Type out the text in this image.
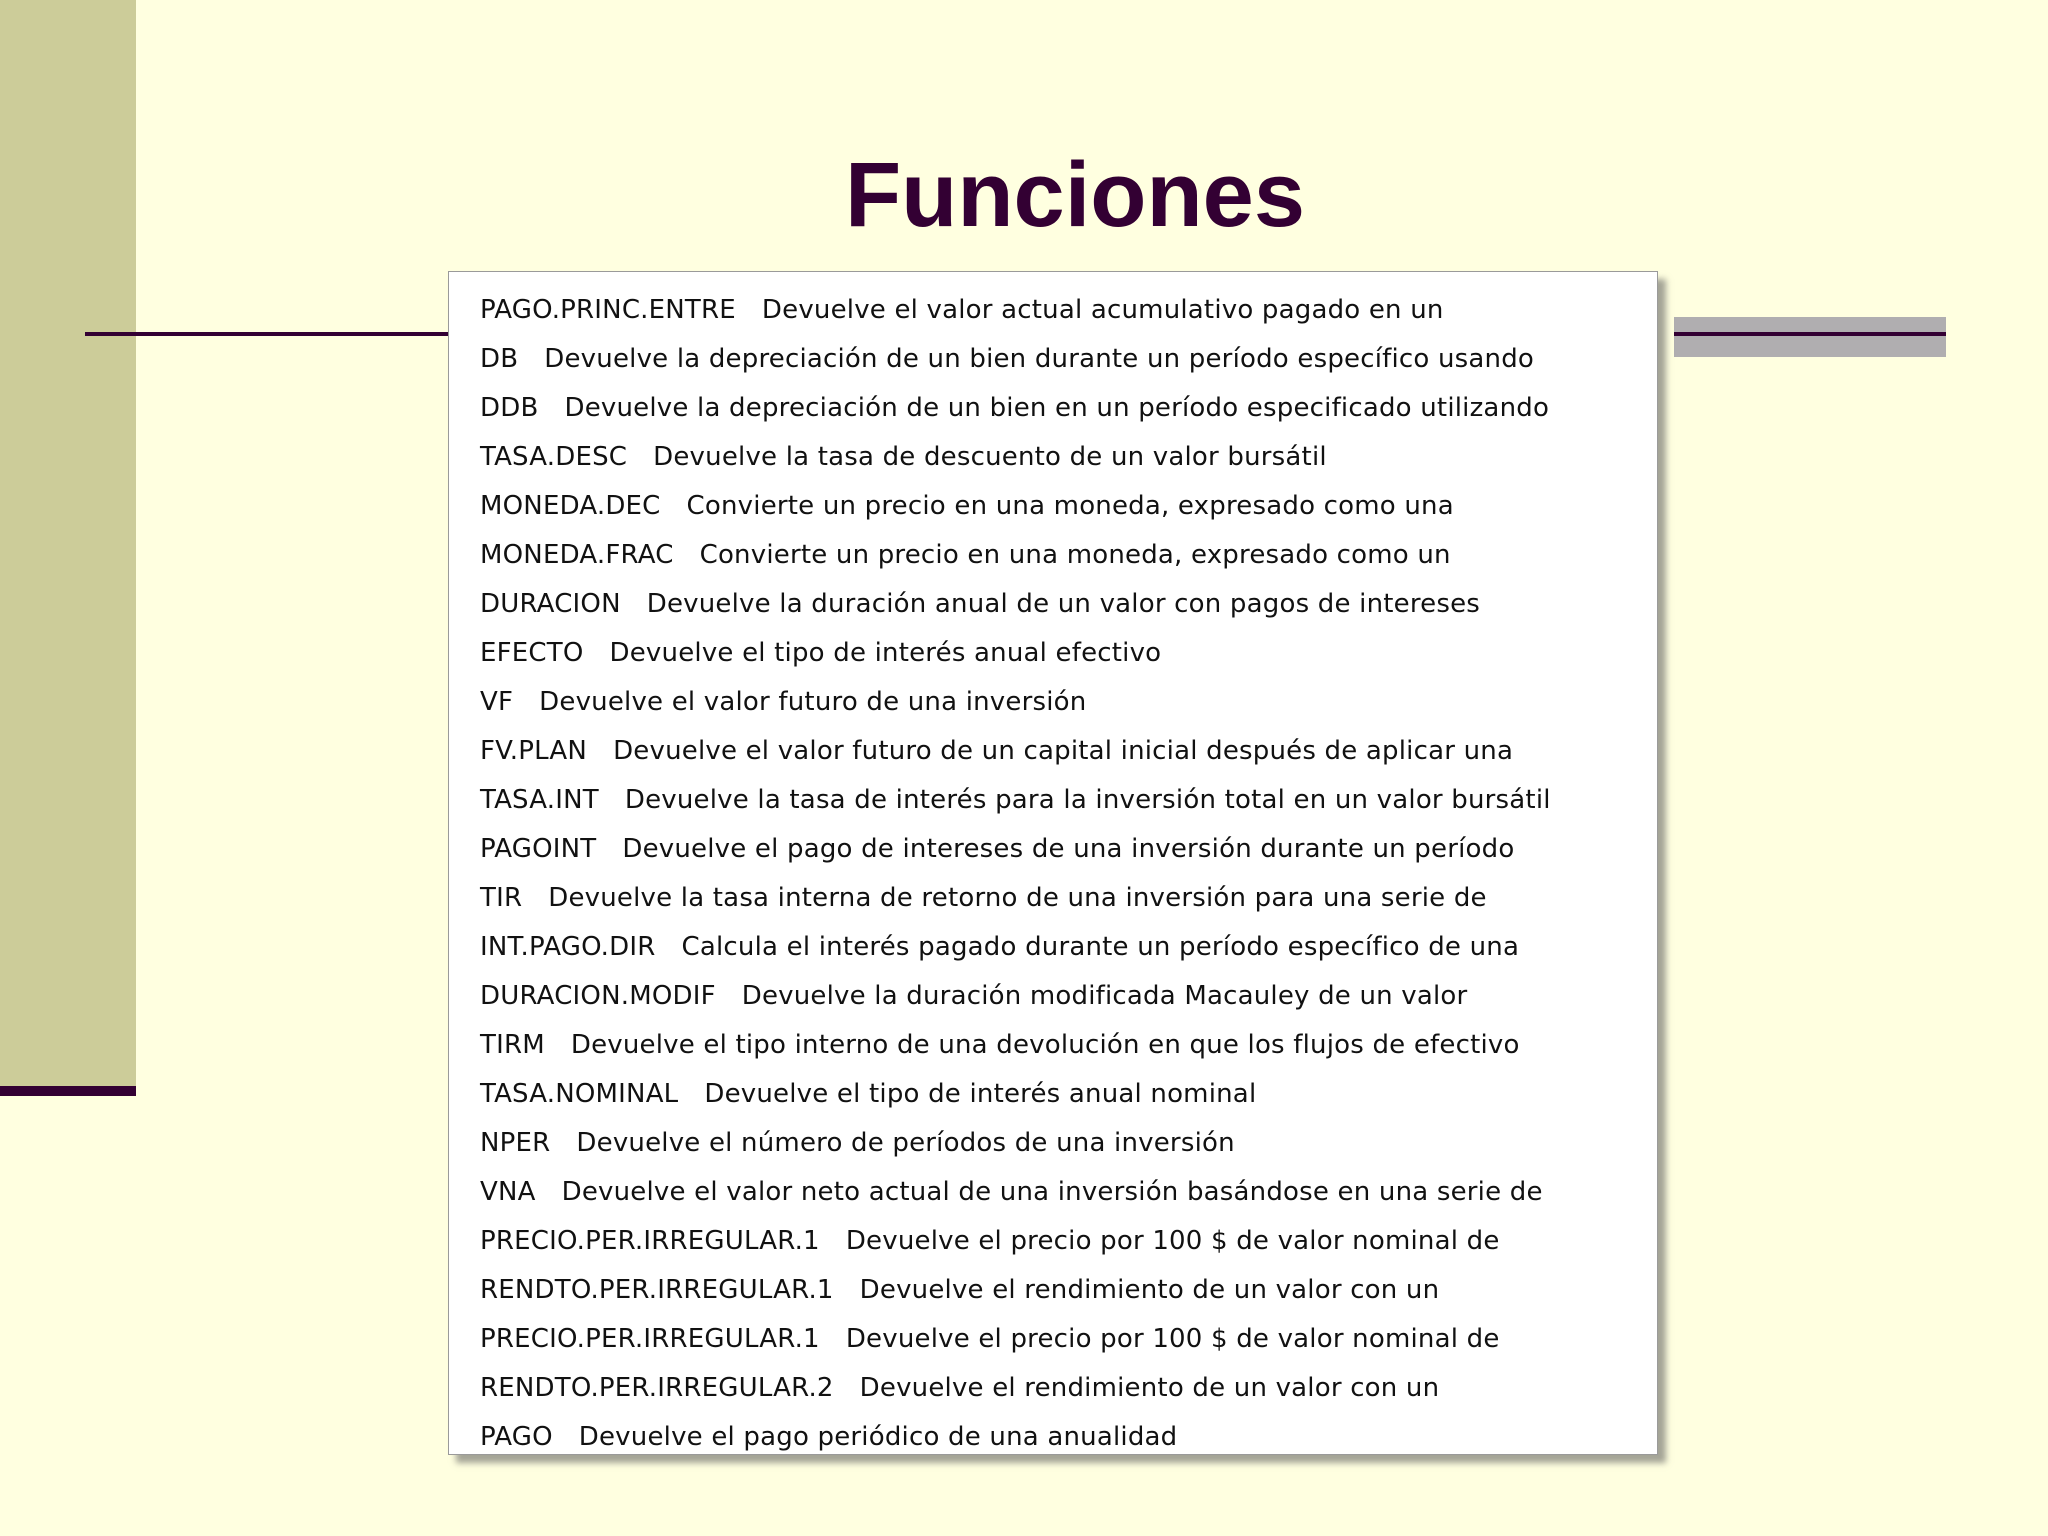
Funciones
PAGO.PRINC.ENTRE Devuelve el valor actual acumulativo pagado en un
DB Devuelve la depreciación de un bien durante un período específico usando
DDB Devuelve la depreciación de un bien en un período especificado utilizando
TASA.DESC Devuelve la tasa de descuento de un valor bursátil
MONEDA.DEC Convierte un precio en una moneda, expresado como una
MONEDA.FRAC Convierte un precio en una moneda, expresado como un
DURACION Devuelve la duración anual de un valor con pagos de intereses
EFECTO Devuelve el tipo de interés anual efectivo
VF Devuelve el valor futuro de una inversión
FV.PLAN Devuelve el valor futuro de un capital inicial después de aplicar una
TASA.INT Devuelve la tasa de interés para la inversión total en un valor bursátil
PAGOINT Devuelve el pago de intereses de una inversión durante un período
TIR Devuelve la tasa interna de retorno de una inversión para una serie de
INT.PAGO.DIR Calcula el interés pagado durante un período específico de una
DURACION.MODIF Devuelve la duración modificada Macauley de un valor
TIRM Devuelve el tipo interno de una devolución en que los flujos de efectivo
TASA.NOMINAL Devuelve el tipo de interés anual nominal
NPER Devuelve el número de períodos de una inversión
VNA Devuelve el valor neto actual de una inversión basándose en una serie de
PRECIO.PER.IRREGULAR.1 Devuelve el precio por 100 $ de valor nominal de
RENDTO.PER.IRREGULAR.1 Devuelve el rendimiento de un valor con un
PRECIO.PER.IRREGULAR.1 Devuelve el precio por 100 $ de valor nominal de
RENDTO.PER.IRREGULAR.2 Devuelve el rendimiento de un valor con un
PAGO Devuelve el pago periódico de una anualidad
